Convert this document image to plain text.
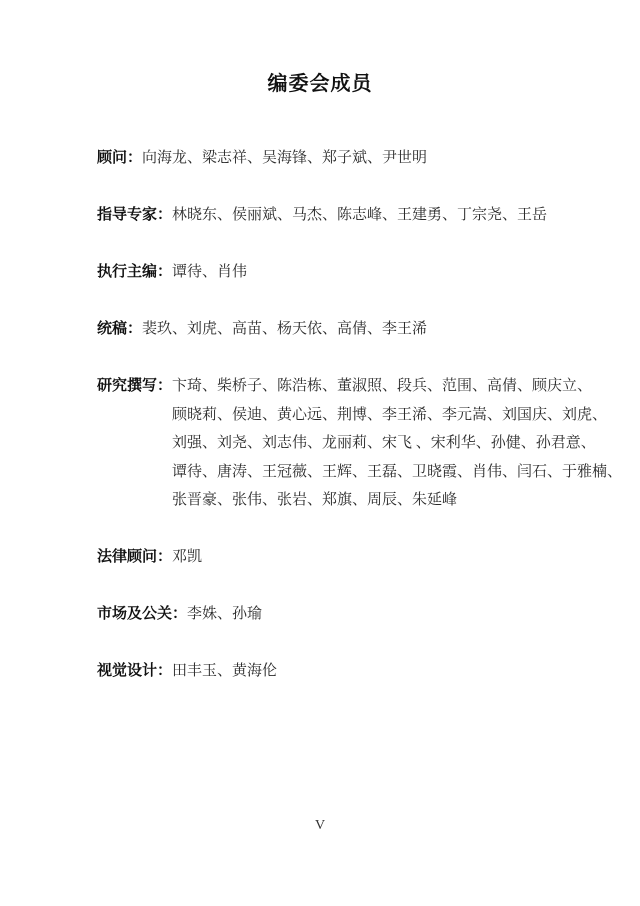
编委会成员
顾问： 向海龙、梁志祥、吴海锋、郑子斌、尹世明
指导专家： 林晓东、侯丽斌、马杰、陈志峰、王建勇、丁宗尧、王岳
执行主编： 谭待、肖伟
统稿： 裴玖、刘虎、高苗、杨天依、高倩、李王浠
研究撰写： 卞琦、柴桥子、陈浩栋、董淑照、段兵、范围、高倩、顾庆立、
顾晓莉、侯迪、黄心远、荆博、李王浠、李元嵩、刘国庆、刘虎、
刘强、刘尧、刘志伟、龙丽莉、宋飞 、宋利华、孙健、孙君意、
谭待、唐涛、王冠薇、王辉、王磊、卫晓霞、肖伟、闫石、于雅楠、
张晋豪、张伟、张岩、郑旗、周辰、朱延峰
法律顾问： 邓凯
市场及公关： 李姝、孙瑜
视觉设计： 田丰玉、黄海伦
V
